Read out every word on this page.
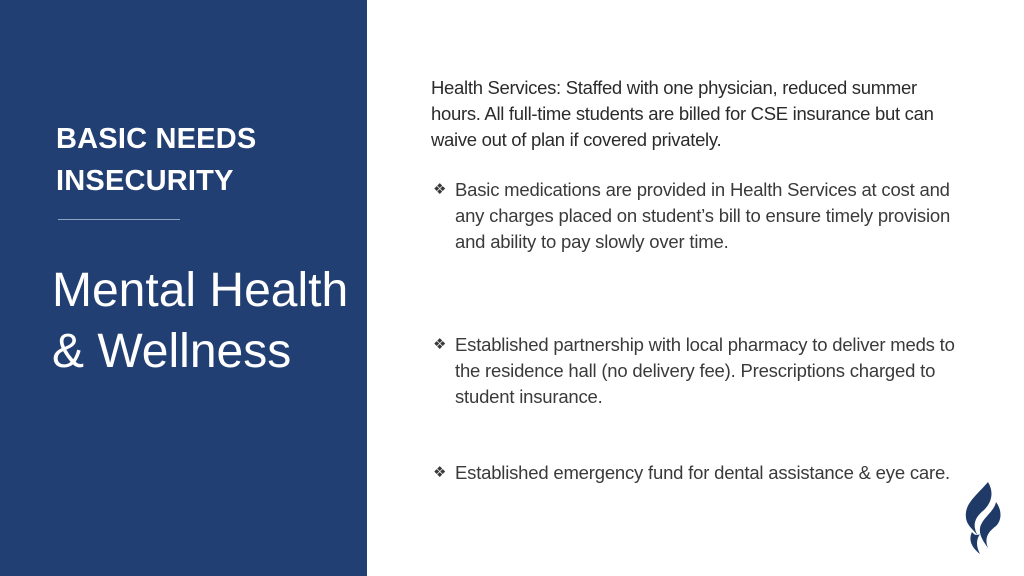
BASIC NEEDS INSECURITY
Mental Health & Wellness

Health Services: Staffed with one physician, reduced summer hours. All full-time students are billed for CSE insurance but can waive out of plan if covered privately.

❖ Basic medications are provided in Health Services at cost and any charges placed on student’s bill to ensure timely provision and ability to pay slowly over time.
❖ Established partnership with local pharmacy to deliver meds to the residence hall (no delivery fee). Prescriptions charged to student insurance.
❖ Established emergency fund for dental assistance & eye care.
